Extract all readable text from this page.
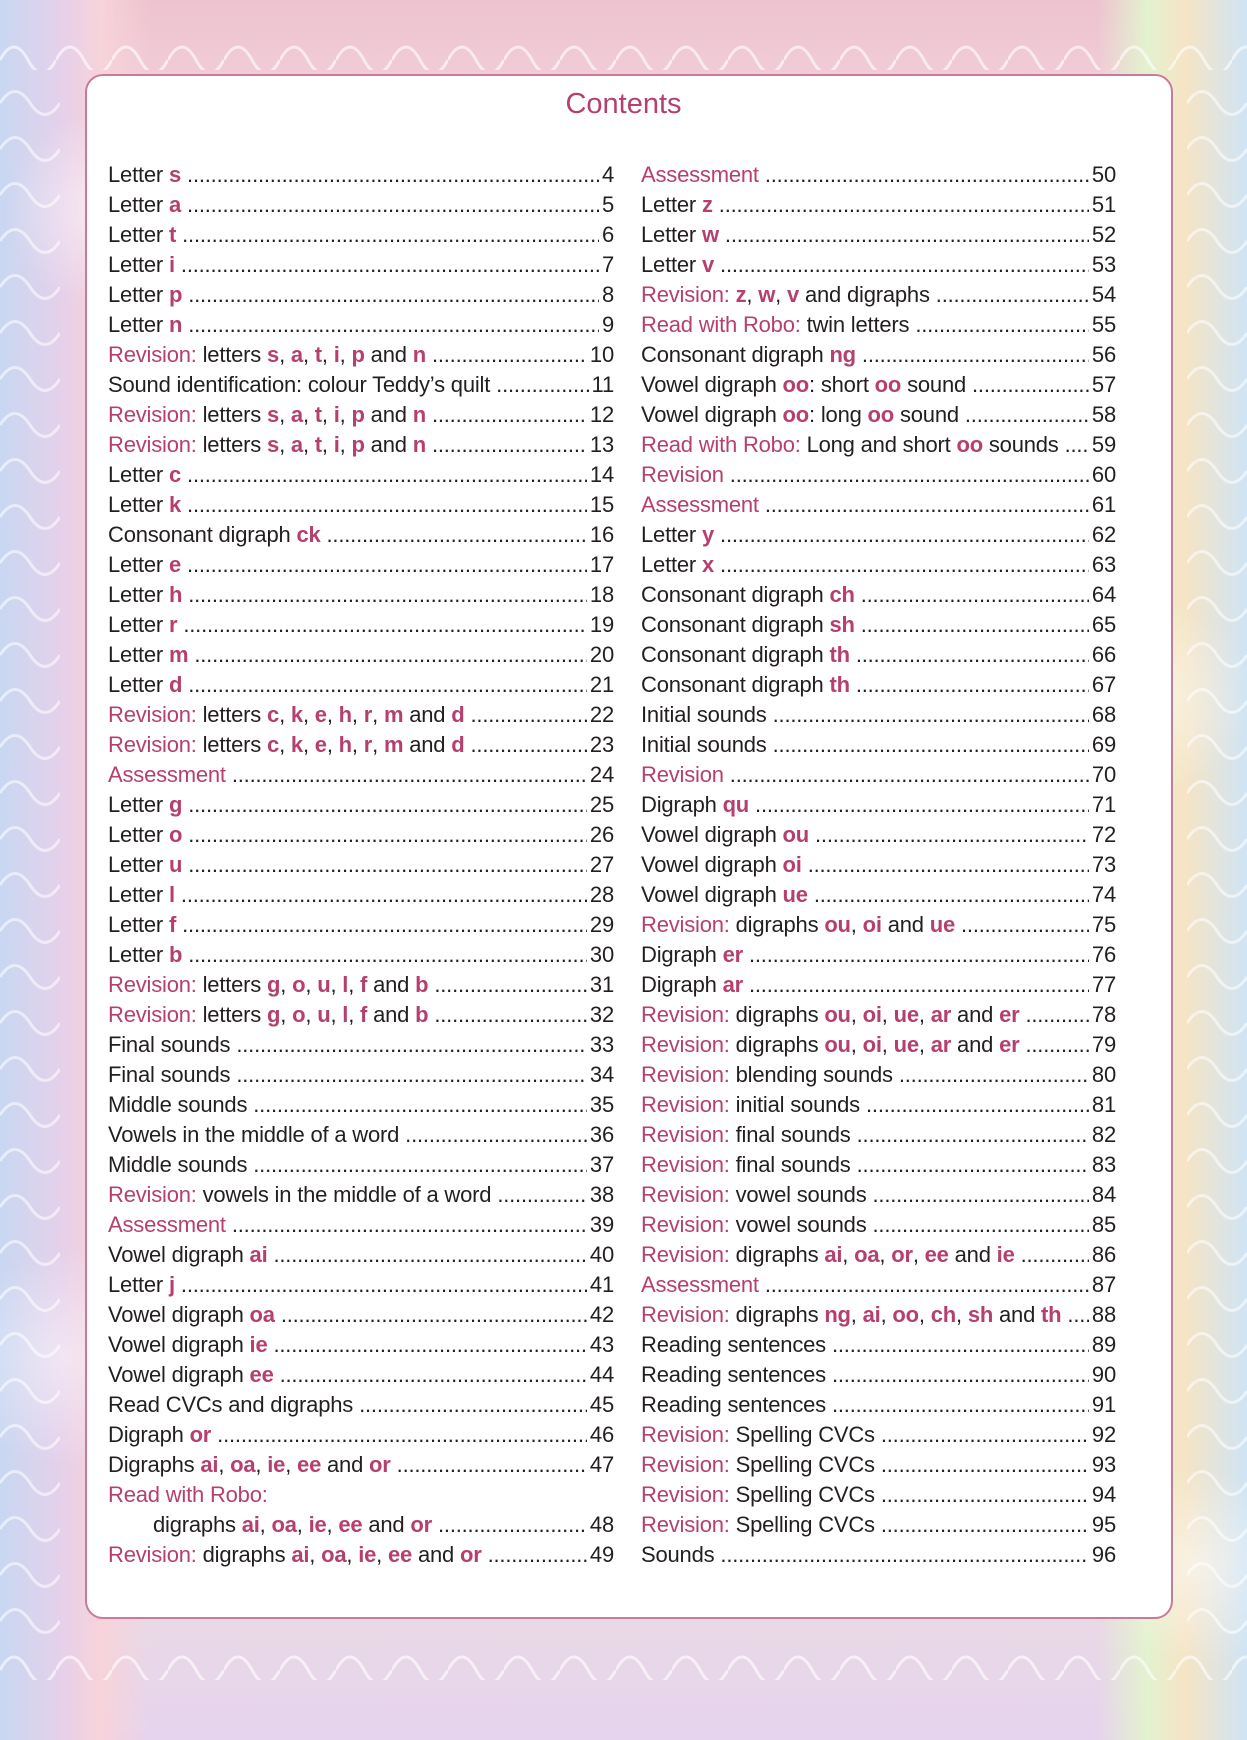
Contents
Letter s .....	4
Letter a .....	5
Letter t .....	6
Letter i .....	7
Letter p .....	8
Letter n .....	9
Revision: letters s, a, t, i, p and n .....	10
Sound identification: colour Teddy’s quilt .....	11
Revision: letters s, a, t, i, p and n .....	12
Revision: letters s, a, t, i, p and n .....	13
Letter c .....	14
Letter k .....	15
Consonant digraph ck .....	16
Letter e .....	17
Letter h .....	18
Letter r .....	19
Letter m .....	20
Letter d .....	21
Revision: letters c, k, e, h, r, m and d .....	22
Revision: letters c, k, e, h, r, m and d .....	23
Assessment .....	24
Letter g .....	25
Letter o .....	26
Letter u .....	27
Letter l .....	28
Letter f .....	29
Letter b .....	30
Revision: letters g, o, u, l, f and b .....	31
Revision: letters g, o, u, l, f and b .....	32
Final sounds .....	33
Final sounds .....	34
Middle sounds .....	35
Vowels in the middle of a word .....	36
Middle sounds .....	37
Revision: vowels in the middle of a word .....	38
Assessment .....	39
Vowel digraph ai .....	40
Letter j .....	41
Vowel digraph oa .....	42
Vowel digraph ie .....	43
Vowel digraph ee .....	44
Read CVCs and digraphs .....	45
Digraph or .....	46
Digraphs ai, oa, ie, ee and or .....	47
Read with Robo:
digraphs ai, oa, ie, ee and or .....	48
Revision: digraphs ai, oa, ie, ee and or .....	49
Assessment .....	50
Letter z .....	51
Letter w .....	52
Letter v .....	53
Revision: z, w, v and digraphs .....	54
Read with Robo: twin letters .....	55
Consonant digraph ng .....	56
Vowel digraph oo: short oo sound .....	57
Vowel digraph oo: long oo sound .....	58
Read with Robo: Long and short oo sounds ..... 59
Revision .....	60
Assessment .....	61
Letter y .....	62
Letter x .....	63
Consonant digraph ch .....	64
Consonant digraph sh .....	65
Consonant digraph th .....	66
Consonant digraph th .....	67
Initial sounds .....	68
Initial sounds .....	69
Revision .....	70
Digraph qu .....	71
Vowel digraph ou .....	72
Vowel digraph oi .....	73
Vowel digraph ue .....	74
Revision: digraphs ou, oi and ue .....	75
Digraph er .....	76
Digraph ar .....	77
Revision: digraphs ou, oi, ue, ar and er .....	78
Revision: digraphs ou, oi, ue, ar and er .....	79
Revision: blending sounds .....	80
Revision: initial sounds .....	81
Revision: final sounds .....	82
Revision: final sounds .....	83
Revision: vowel sounds .....	84
Revision: vowel sounds .....	85
Revision: digraphs ai, oa, or, ee and ie .....	86
Assessment .....	87
Revision: digraphs ng, ai, oo, ch, sh and th ..... 88
Reading sentences .....	89
Reading sentences .....	90
Reading sentences .....	91
Revision: Spelling CVCs .....	92
Revision: Spelling CVCs .....	93
Revision: Spelling CVCs .....	94
Revision: Spelling CVCs .....	95
Sounds .....	96
